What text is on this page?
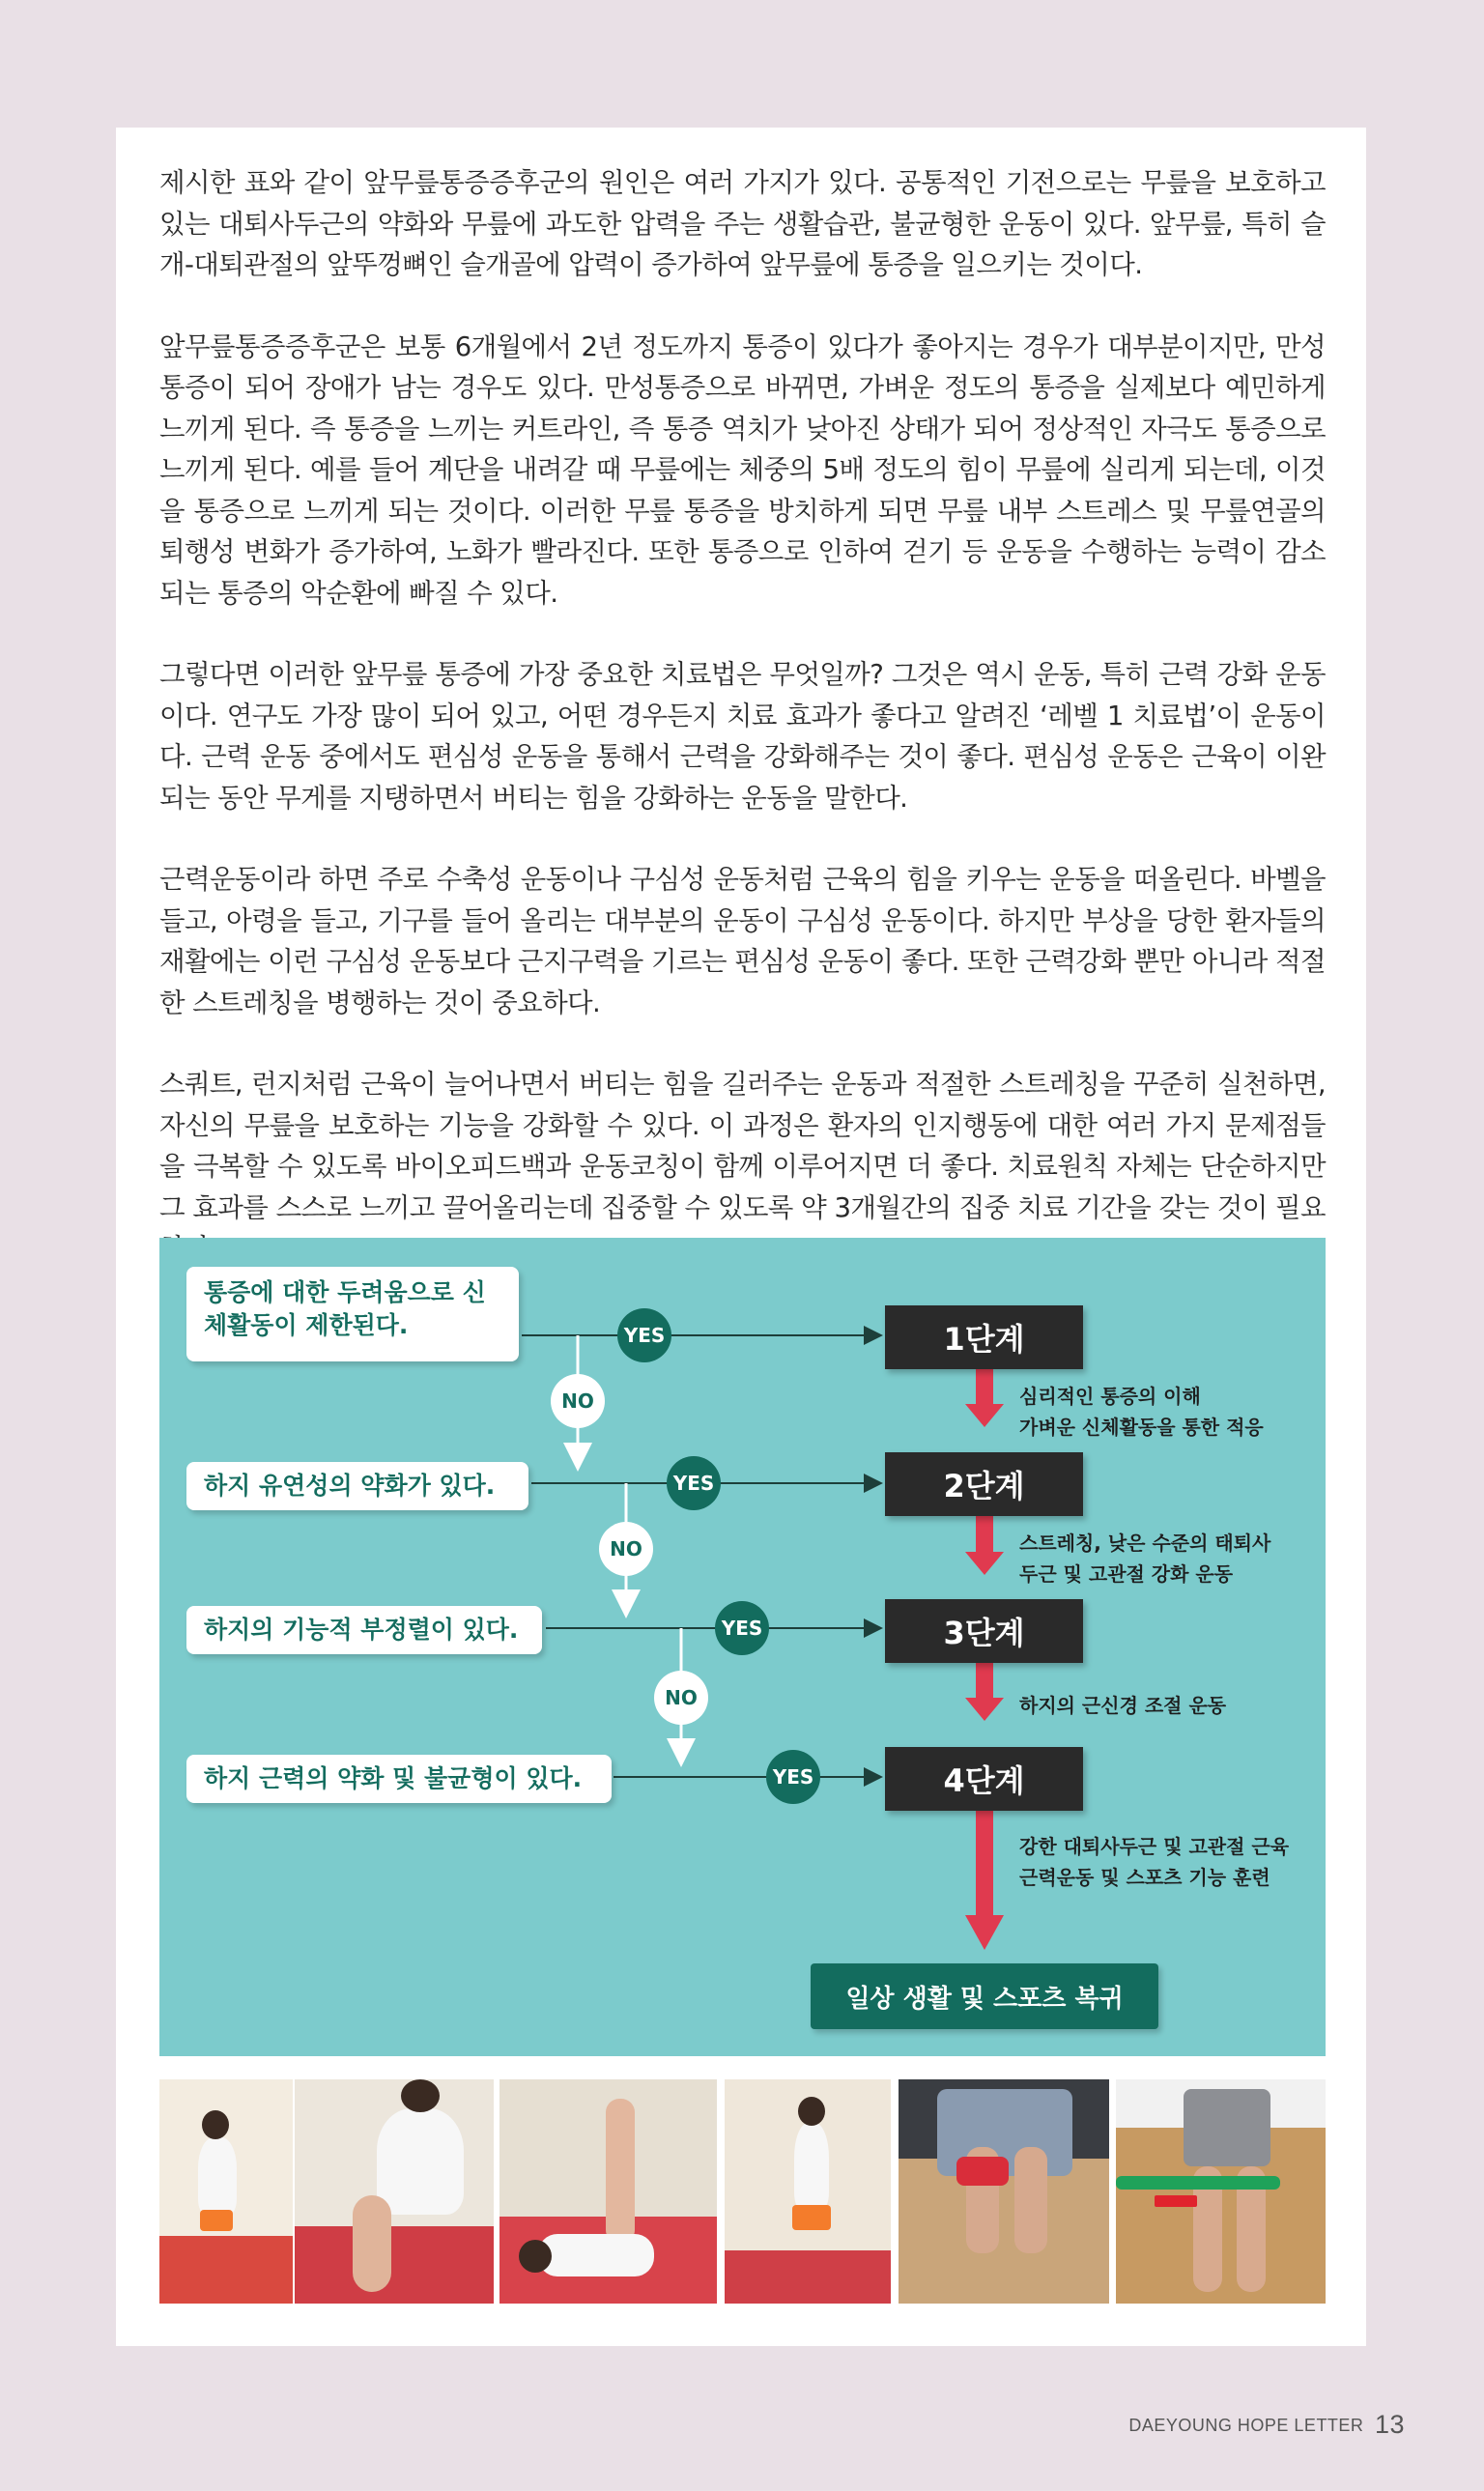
제시한 표와 같이 앞무릎통증증후군의 원인은 여러 가지가 있다. 공통적인 기전으로는 무릎을 보호하고 있는 대퇴사두근의 약화와 무릎에 과도한 압력을 주는 생활습관, 불균형한 운동이 있다. 앞무릎, 특히 슬개-대퇴관절의 앞뚜껑뼈인 슬개골에 압력이 증가하여 앞무릎에 통증을 일으키는 것이다.

앞무릎통증증후군은 보통 6개월에서 2년 정도까지 통증이 있다가 좋아지는 경우가 대부분이지만, 만성 통증이 되어 장애가 남는 경우도 있다. 만성통증으로 바뀌면, 가벼운 정도의 통증을 실제보다 예민하게 느끼게 된다. 즉 통증을 느끼는 커트라인, 즉 통증 역치가 낮아진 상태가 되어 정상적인 자극도 통증으로 느끼게 된다. 예를 들어 계단을 내려갈 때 무릎에는 체중의 5배 정도의 힘이 무릎에 실리게 되는데, 이것을 통증으로 느끼게 되는 것이다. 이러한 무릎 통증을 방치하게 되면 무릎 내부 스트레스 및 무릎연골의 퇴행성 변화가 증가하여, 노화가 빨라진다. 또한 통증으로 인하여 걷기 등 운동을 수행하는 능력이 감소되는 통증의 악순환에 빠질 수 있다.

그렇다면 이러한 앞무릎 통증에 가장 중요한 치료법은 무엇일까? 그것은 역시 운동, 특히 근력 강화 운동이다. 연구도 가장 많이 되어 있고, 어떤 경우든지 치료 효과가 좋다고 알려진 ‘레벨 1 치료법’이 운동이다. 근력 운동 중에서도 편심성 운동을 통해서 근력을 강화해주는 것이 좋다. 편심성 운동은 근육이 이완되는 동안 무게를 지탱하면서 버티는 힘을 강화하는 운동을 말한다.

근력운동이라 하면 주로 수축성 운동이나 구심성 운동처럼 근육의 힘을 키우는 운동을 떠올린다. 바벨을 들고, 아령을 들고, 기구를 들어 올리는 대부분의 운동이 구심성 운동이다. 하지만 부상을 당한 환자들의 재활에는 이런 구심성 운동보다 근지구력을 기르는 편심성 운동이 좋다. 또한 근력강화 뿐만 아니라 적절한 스트레칭을 병행하는 것이 중요하다.

스쿼트, 런지처럼 근육이 늘어나면서 버티는 힘을 길러주는 운동과 적절한 스트레칭을 꾸준히 실천하면, 자신의 무릎을 보호하는 기능을 강화할 수 있다. 이 과정은 환자의 인지행동에 대한 여러 가지 문제점들을 극복할 수 있도록 바이오피드백과 운동코칭이 함께 이루어지면 더 좋다. 치료원칙 자체는 단순하지만 그 효과를 스스로 느끼고 끌어올리는데 집중할 수 있도록 약 3개월간의 집중 치료 기간을 갖는 것이 필요

통증에 대한 두려움으로 신체활동이 제한된다.
하지 유연성의 약화가 있다.
하지의 기능적 부정렬이 있다.
하지 근력의 약화 및 불균형이 있다.
YES
YES
YES
YES
NO
NO
NO
1단계
2단계
3단계
4단계
심리적인 통증의 이해
가벼운 신체활동을 통한 적응
스트레칭, 낮은 수준의 태퇴사
두근 및 고관절 강화 운동
하지의 근신경 조절 운동
강한 대퇴사두근 및 고관절 근육
근력운동 및 스포츠 기능 훈련
일상 생활 및 스포츠 복귀
DAEYOUNG HOPE LETTER 13
